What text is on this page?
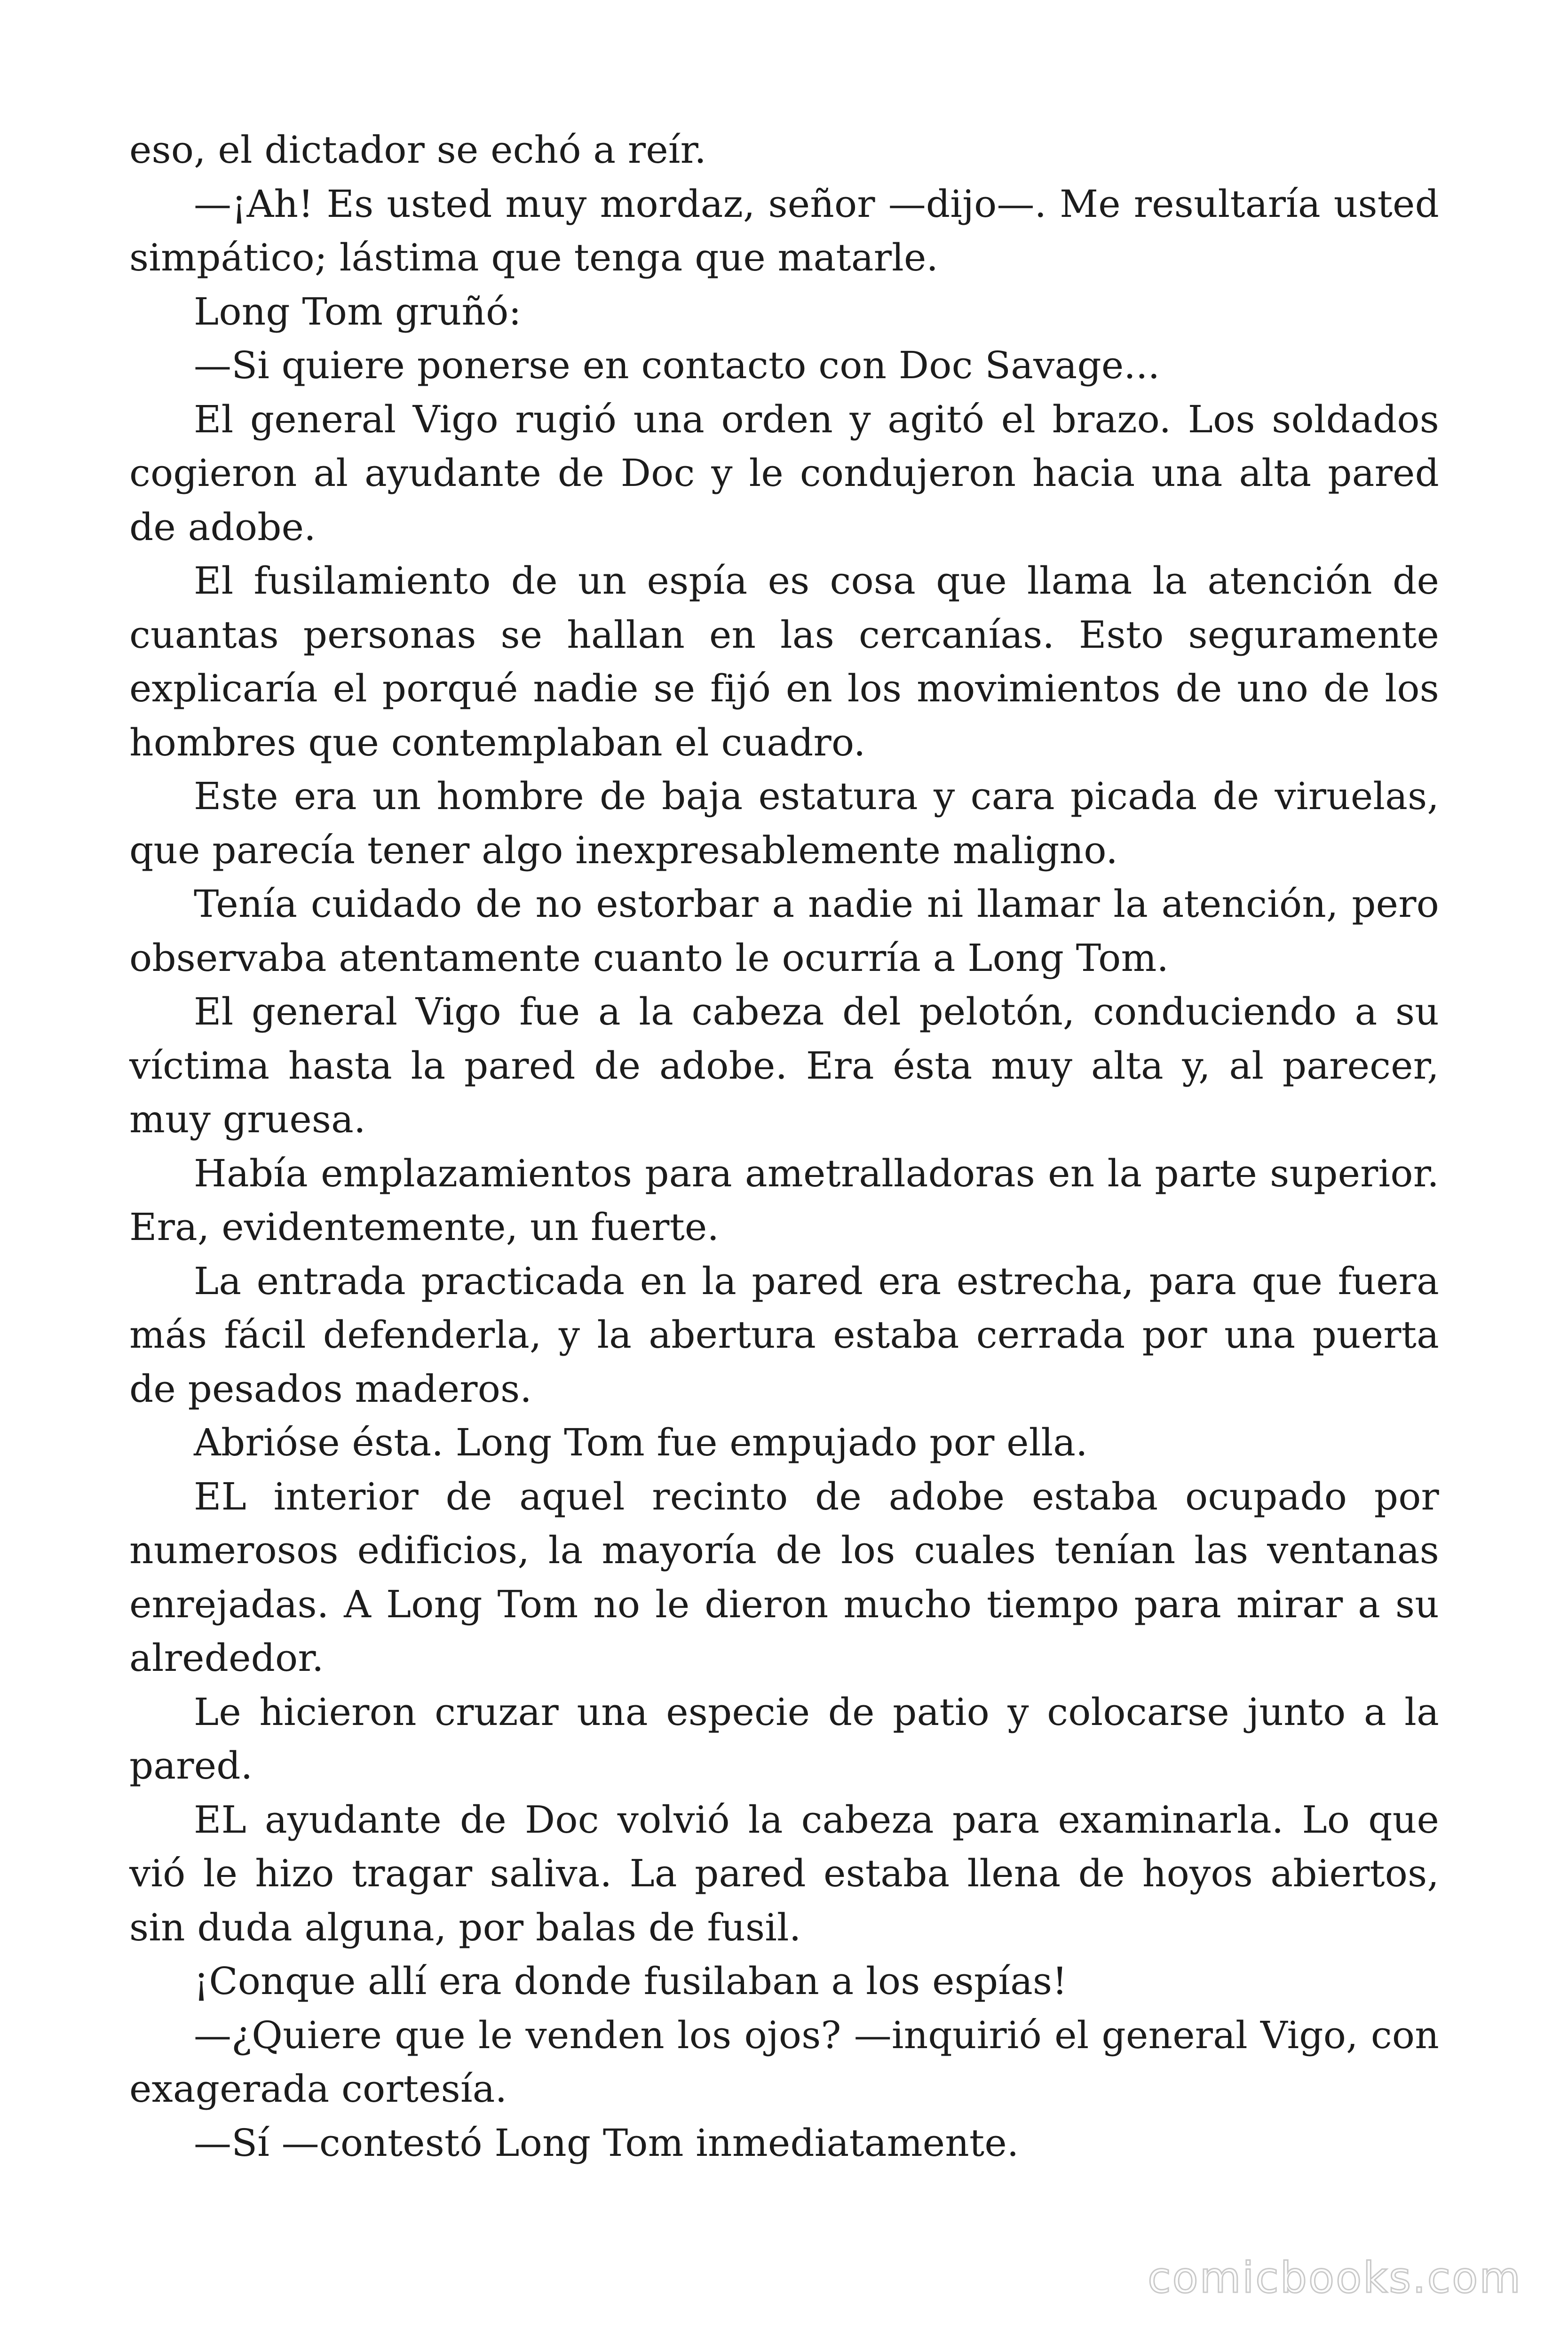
eso, el dictador se echó a reír.

—¡Ah! Es usted muy mordaz, señor —dijo—. Me resultaría usted simpático; lástima que tenga que matarle.

Long Tom gruñó:

—Si quiere ponerse en contacto con Doc Savage...

El general Vigo rugió una orden y agitó el brazo. Los soldados cogieron al ayudante de Doc y le condujeron hacia una alta pared de adobe.

El fusilamiento de un espía es cosa que llama la atención de cuantas personas se hallan en las cercanías. Esto seguramente explicaría el porqué nadie se fijó en los movimientos de uno de los hombres que contemplaban el cuadro.

Este era un hombre de baja estatura y cara picada de viruelas, que parecía tener algo inexpresablemente maligno.

Tenía cuidado de no estorbar a nadie ni llamar la atención, pero observaba atentamente cuanto le ocurría a Long Tom.

El general Vigo fue a la cabeza del pelotón, conduciendo a su víctima hasta la pared de adobe. Era ésta muy alta y, al parecer, muy gruesa.

Había emplazamientos para ametralladoras en la parte superior. Era, evidentemente, un fuerte.

La entrada practicada en la pared era estrecha, para que fuera más fácil defenderla, y la abertura estaba cerrada por una puerta de pesados maderos.

Abrióse ésta. Long Tom fue empujado por ella.

EL interior de aquel recinto de adobe estaba ocupado por numerosos edificios, la mayoría de los cuales tenían las ventanas enrejadas. A Long Tom no le dieron mucho tiempo para mirar a su alrededor.

Le hicieron cruzar una especie de patio y colocarse junto a la pared.

EL ayudante de Doc volvió la cabeza para examinarla. Lo que vió le hizo tragar saliva. La pared estaba llena de hoyos abiertos, sin duda alguna, por balas de fusil.

¡Conque allí era donde fusilaban a los espías!

—¿Quiere que le venden los ojos? —inquirió el general Vigo, con exagerada cortesía.

—Sí —contestó Long Tom inmediatamente.

comicbooks.com
